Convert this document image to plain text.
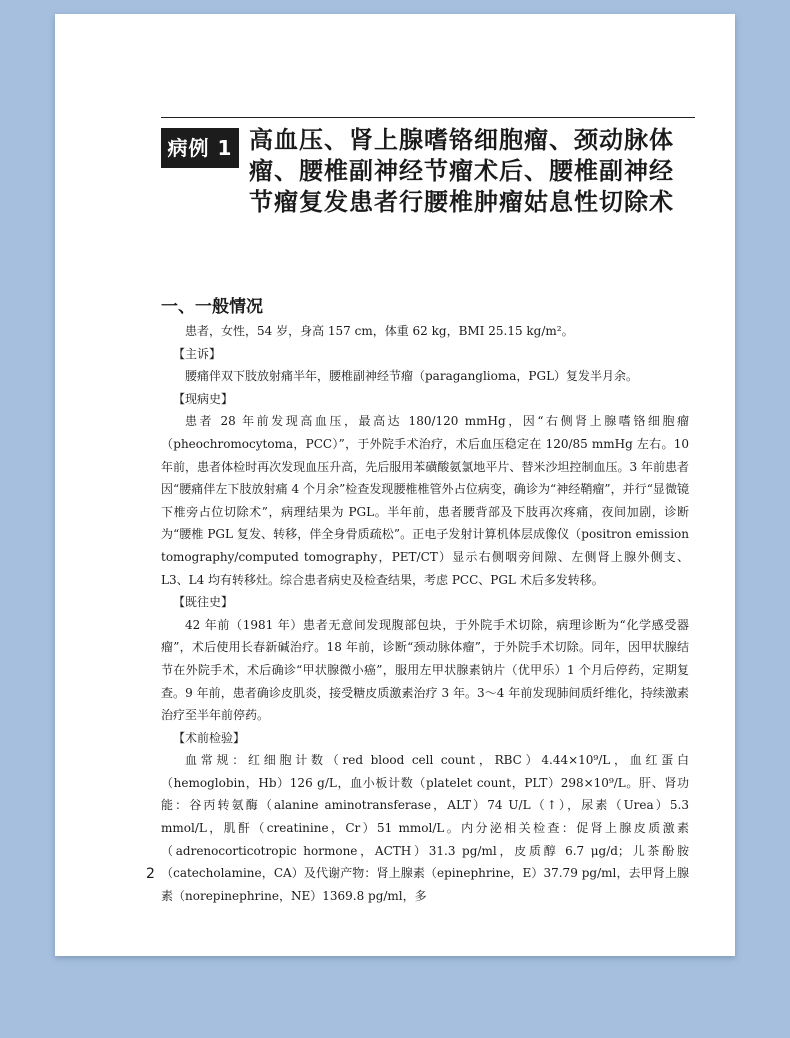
病例 1 高血压、肾上腺嗜铬细胞瘤、颈动脉体瘤、腰椎副神经节瘤术后、腰椎副神经节瘤复发患者行腰椎肿瘤姑息性切除术
一、一般情况

患者，女性，54 岁，身高 157 cm，体重 62 kg，BMI 25.15 kg/m²。

【主诉】

腰痛伴双下肢放射痛半年，腰椎副神经节瘤（paraganglioma，PGL）复发半月余。

【现病史】

患者 28 年前发现高血压，最高达 180/120 mmHg，因“右侧肾上腺嗜铬细胞瘤（pheochromocytoma，PCC）”，于外院手术治疗，术后血压稳定在 120/85 mmHg 左右。10 年前，患者体检时再次发现血压升高，先后服用苯磺酸氨氯地平片、替米沙坦控制血压。3 年前患者因“腰痛伴左下肢放射痛 4 个月余”检查发现腰椎椎管外占位病变，确诊为“神经鞘瘤”，并行“显微镜下椎旁占位切除术”，病理结果为 PGL。半年前，患者腰背部及下肢再次疼痛，夜间加剧，诊断为“腰椎 PGL 复发、转移，伴全身骨质疏松”。正电子发射计算机体层成像仪（positron emission tomography/computed tomography，PET/CT）显示右侧咽旁间隙、左侧肾上腺外侧支、L3、L4 均有转移灶。综合患者病史及检查结果，考虑 PCC、PGL 术后多发转移。

【既往史】

42 年前（1981 年）患者无意间发现腹部包块，于外院手术切除，病理诊断为“化学感受器瘤”，术后使用长春新碱治疗。18 年前，诊断“颈动脉体瘤”，于外院手术切除。同年，因甲状腺结节在外院手术，术后确诊“甲状腺微小癌”，服用左甲状腺素钠片（优甲乐）1 个月后停药，定期复查。9 年前，患者确诊皮肌炎，接受糖皮质激素治疗 3 年。3～4 年前发现肺间质纤维化，持续激素治疗至半年前停药。

【术前检验】

血常规：红细胞计数（red blood cell count，RBC）4.44×10⁹/L，血红蛋白（hemoglobin，Hb）126 g/L，血小板计数（platelet count，PLT）298×10⁹/L。肝、肾功能：谷丙转氨酶（alanine aminotransferase，ALT）74 U/L（↑），尿素（Urea）5.3 mmol/L，肌酐（creatinine，Cr）51 mmol/L。内分泌相关检查：促肾上腺皮质激素（adrenocorticotropic hormone，ACTH）31.3 pg/ml，皮质醇 6.7 μg/d；儿茶酚胺（catecholamine，CA）及代谢产物：肾上腺素（epinephrine，E）37.79 pg/ml，去甲肾上腺素（norepinephrine，NE）1369.8 pg/ml，多

2
